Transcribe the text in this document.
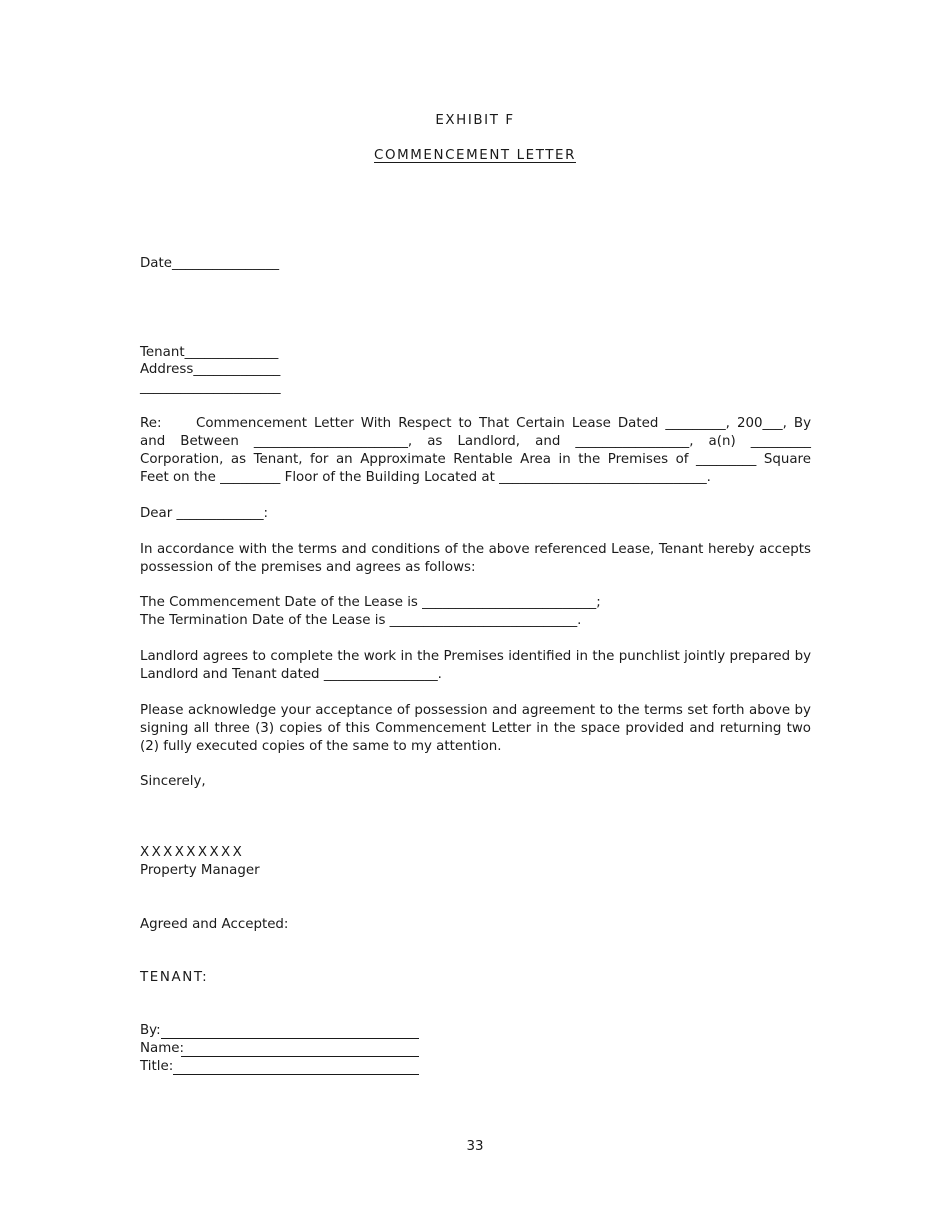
EXHIBIT F
COMMENCEMENT LETTER
Date________________
Tenant______________
Address_____________
_____________________
Re:	Commencement Letter With Respect to That Certain Lease Dated _________, 200___, By
and Between _______________________, as Landlord, and _________________, a(n) _________
Corporation, as Tenant, for an Approximate Rentable Area in the Premises of _________ Square
Feet on the _________ Floor of the Building Located at _______________________________.
Dear _____________:
In accordance with the terms and conditions of the above referenced Lease, Tenant hereby accepts possession of the premises and agrees as follows:
The Commencement Date of the Lease is __________________________;
The Termination Date of the Lease is ____________________________.
Landlord agrees to complete the work in the Premises identified in the punchlist jointly prepared by Landlord and Tenant dated _________________.
Please acknowledge your acceptance of possession and agreement to the terms set forth above by signing all three (3) copies of this Commencement Letter in the space provided and returning two (2) fully executed copies of the same to my attention.
Sincerely,
XXXXXXXXX
Property Manager
Agreed and Accepted:
TENANT:
By:
Name:
Title:
33
